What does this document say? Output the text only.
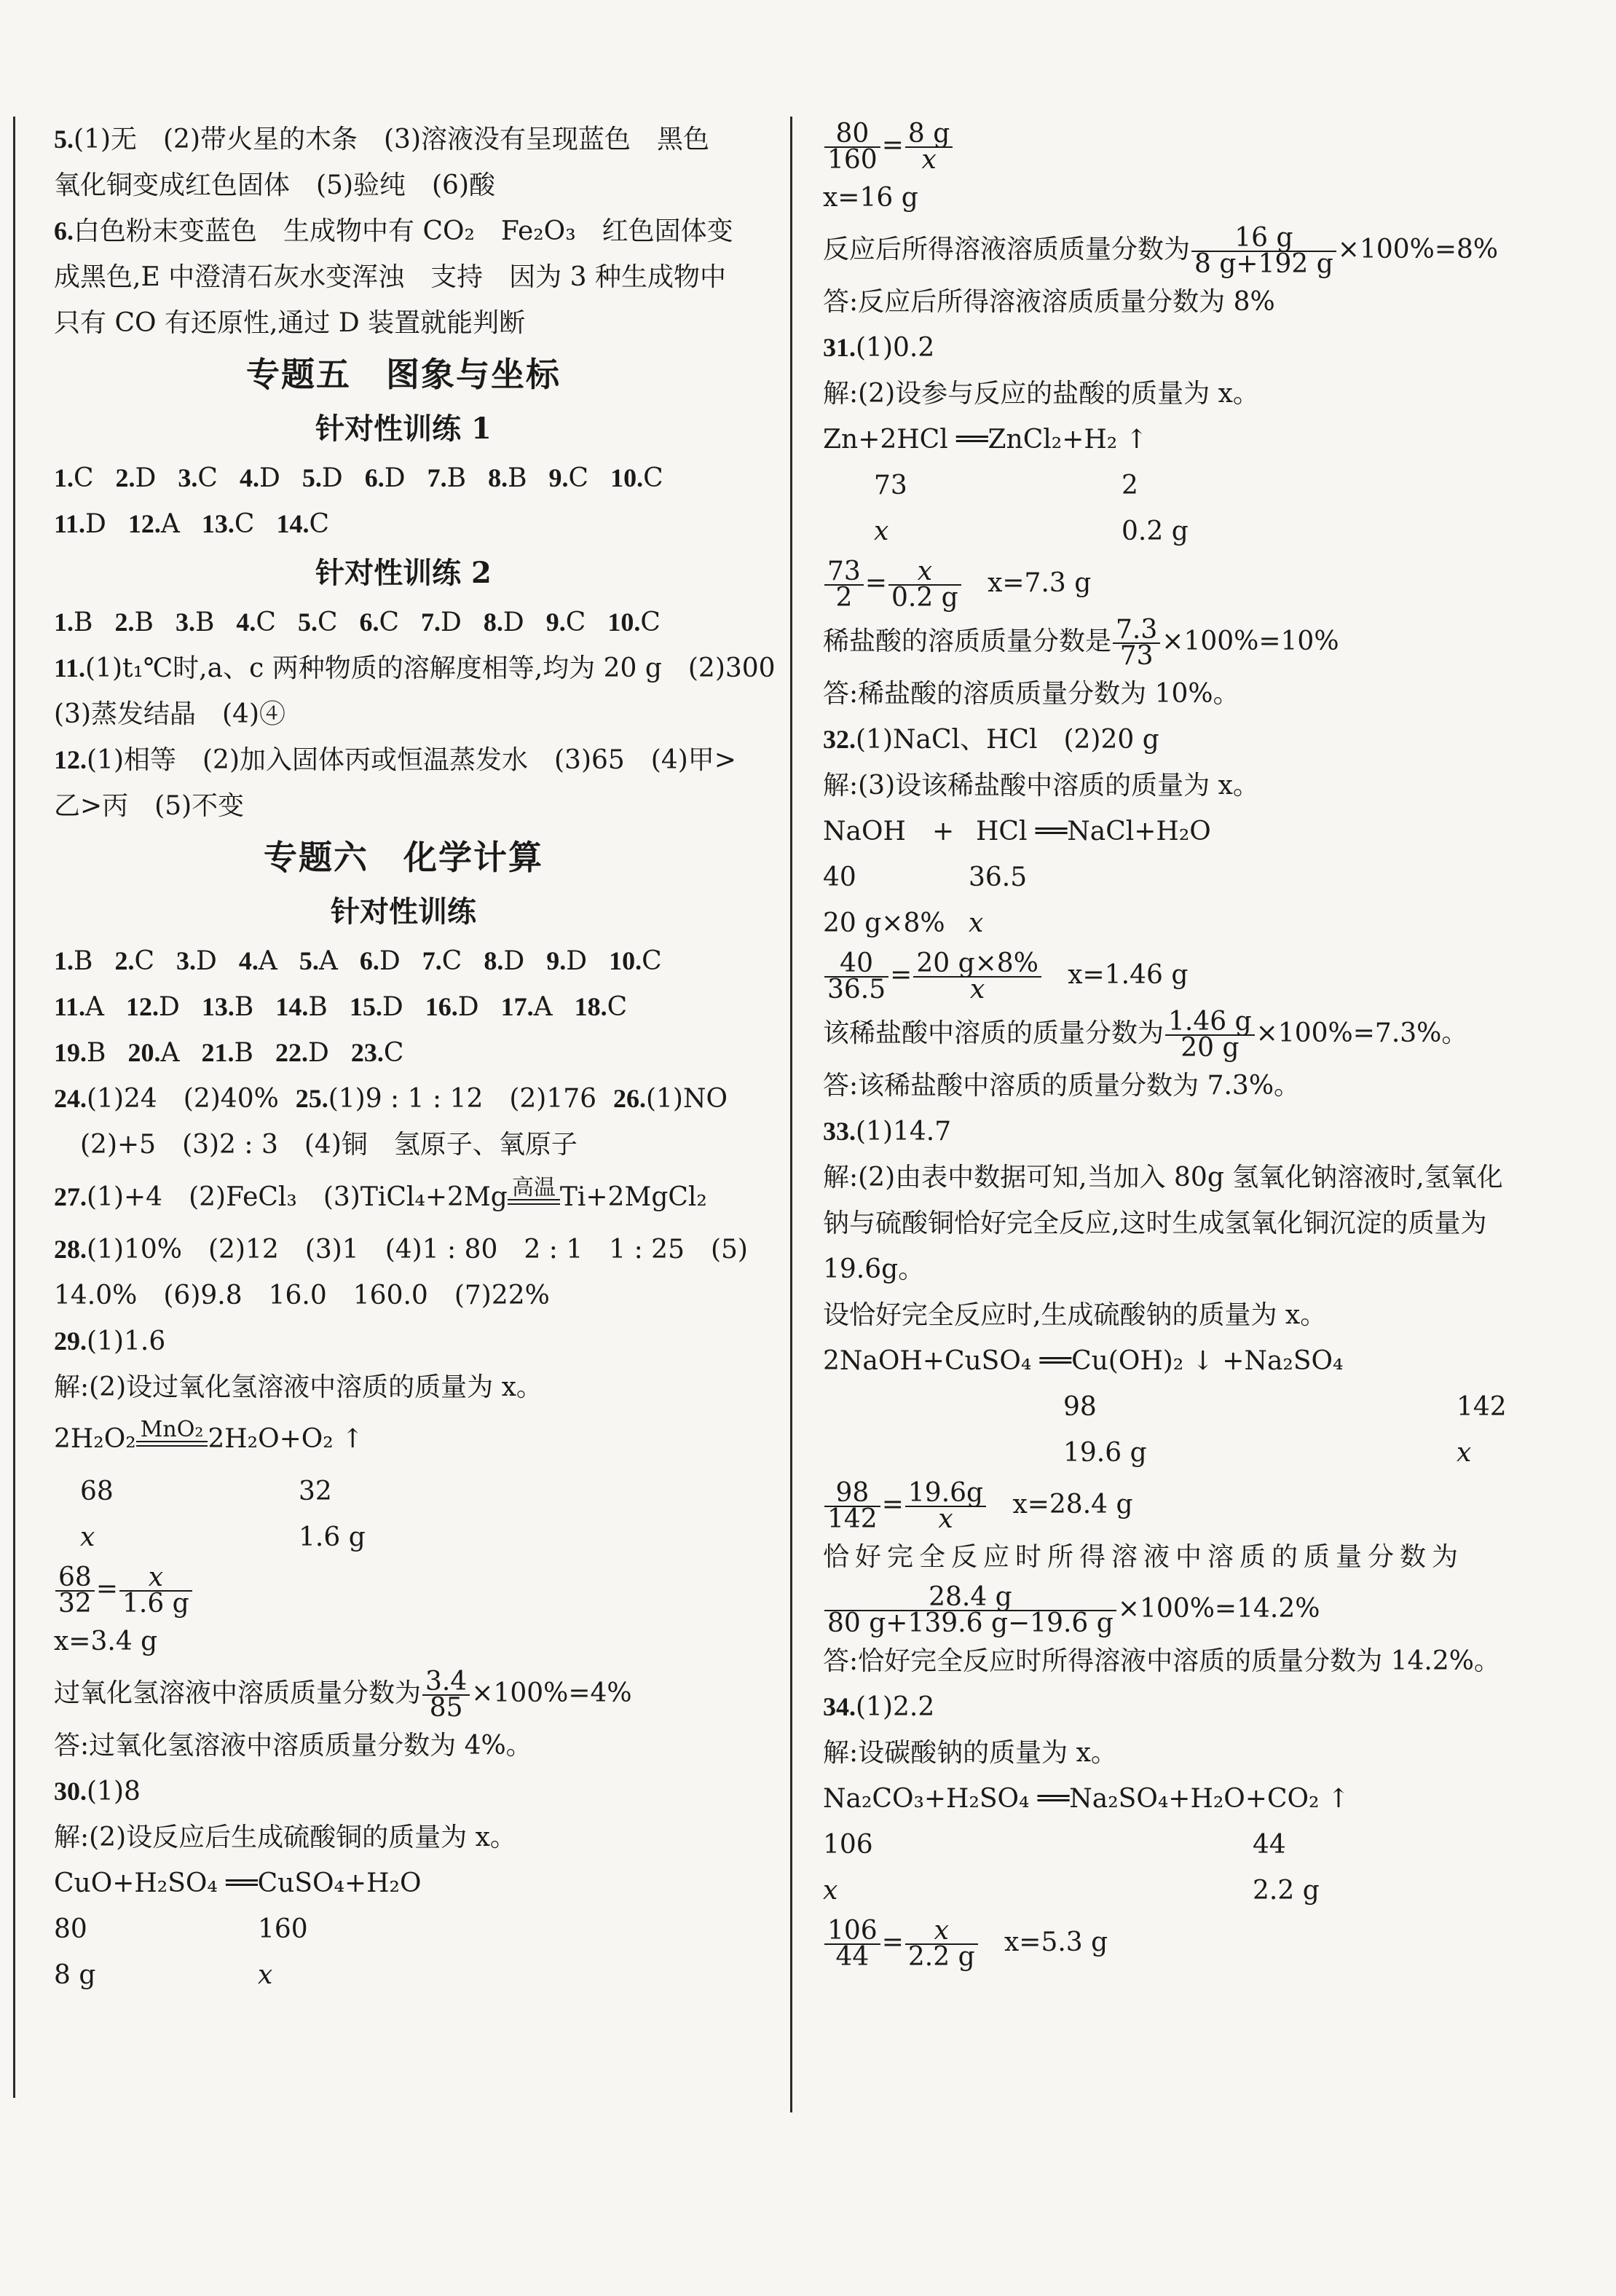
5.(1)无　(2)带火星的木条　(3)溶液没有呈现蓝色　黑色
氧化铜变成红色固体　(5)验纯　(6)酸
6.白色粉末变蓝色　生成物中有 CO₂　Fe₂O₃　红色固体变
成黑色,E 中澄清石灰水变浑浊　支持　因为 3 种生成物中
只有 CO 有还原性,通过 D 装置就能判断
专题五　图象与坐标
针对性训练 1
1.C 2.D 3.C 4.D 5.D 6.D 7.B 8.B 9.C 10.C
11.D 12.A 13.C 14.C
针对性训练 2
1.B 2.B 3.B 4.C 5.C 6.C 7.D 8.D 9.C 10.C
11.(1)t₁℃时,a、c 两种物质的溶解度相等,均为 20 g　(2)300
(3)蒸发结晶　(4)④
12.(1)相等　(2)加入固体丙或恒温蒸发水　(3)65　(4)甲>
乙>丙　(5)不变
专题六　化学计算
针对性训练
1.B 2.C 3.D 4.A 5.A 6.D 7.C 8.D 9.D 10.C
11.A 12.D 13.B 14.B 15.D 16.D 17.A 18.C
19.B 20.A 21.B 22.D 23.C
24.(1)24　(2)40% 25.(1)9 : 1 : 12　(2)176 26.(1)NO
(2)+5　(3)2 : 3　(4)铜　氢原子、氧原子
27.(1)+4　(2)FeCl₃　(3)TiCl₄+2Mg 高温 Ti+2MgCl₂
28.(1)10%　(2)12　(3)1　(4)1 : 80　2 : 1　1 : 25　(5)
14.0%　(6)9.8　16.0　160.0　(7)22%
29.(1)1.6
解:(2)设过氧化氢溶液中溶质的质量为 x。
2H₂O₂ MnO₂ 2H₂O+O₂ ↑
68	32
x	1.6 g
$\frac{68}{32} = \frac{x}{1.6 g}$
x=3.4 g
过氧化氢溶液中溶质质量分数为 $\frac{3.4}{85} \times 100\%=4\%$
答:过氧化氢溶液中溶质质量分数为 4%。
30.(1)8
解:(2)设反应后生成硫酸铜的质量为 x。
CuO+H₂SO₄ ══CuSO₄+H₂O
80	160
8 g	x
$\frac{80}{160} = \frac{8 g}{x}$
x=16 g
反应后所得溶液溶质质量分数为 $\frac{16 g}{8 g+192 g} \times 100\%=8\%$
答:反应后所得溶液溶质质量分数为 8%
31.(1)0.2
解:(2)设参与反应的盐酸的质量为 x。
Zn+2HCl ══ZnCl₂+H₂ ↑
73	2
x	0.2 g
$\frac{73}{2} = \frac{x}{0.2 g} x=7.3$ g
稀盐酸的溶质质量分数是 $\frac{7.3}{73} \times 100\%=10\%$
答:稀盐酸的溶质质量分数为 10%。
32.(1)NaCl、HCl　(2)20 g
解:(3)设该稀盐酸中溶质的质量为 x。
NaOH + HCl ══NaCl+H₂O
40	36.5
20 g×8% x
$\frac{40}{36.5} = \frac{20 g\times 8\%}{x} x=1.46$ g
该稀盐酸中溶质的质量分数为 $\frac{1.46 g}{20 g} \times 100\%=7.3\%$。
答:该稀盐酸中溶质的质量分数为 7.3%。
33.(1)14.7
解:(2)由表中数据可知,当加入 80g 氢氧化钠溶液时,氢氧化
钠与硫酸铜恰好完全反应,这时生成氢氧化铜沉淀的质量为
19.6g。
设恰好完全反应时,生成硫酸钠的质量为 x。
2NaOH+CuSO₄ ══Cu(OH)₂ ↓ +Na₂SO₄
98	142
19.6 g	x
$\frac{98}{142} = \frac{19.6g}{x} x=28.4$ g
恰好完全反应时所得溶液中溶质的质量分数为
$\frac{28.4 g}{80 g+139.6 g-19.6 g} \times 100\%=14.2\%$
答:恰好完全反应时所得溶液中溶质的质量分数为 14.2%。
34.(1)2.2
解:设碳酸钠的质量为 x。
Na₂CO₃+H₂SO₄ ══Na₂SO₄+H₂O+CO₂ ↑
106	44
x	2.2 g
$\frac{106}{44} = \frac{x}{2.2 g} x=5.3$ g
